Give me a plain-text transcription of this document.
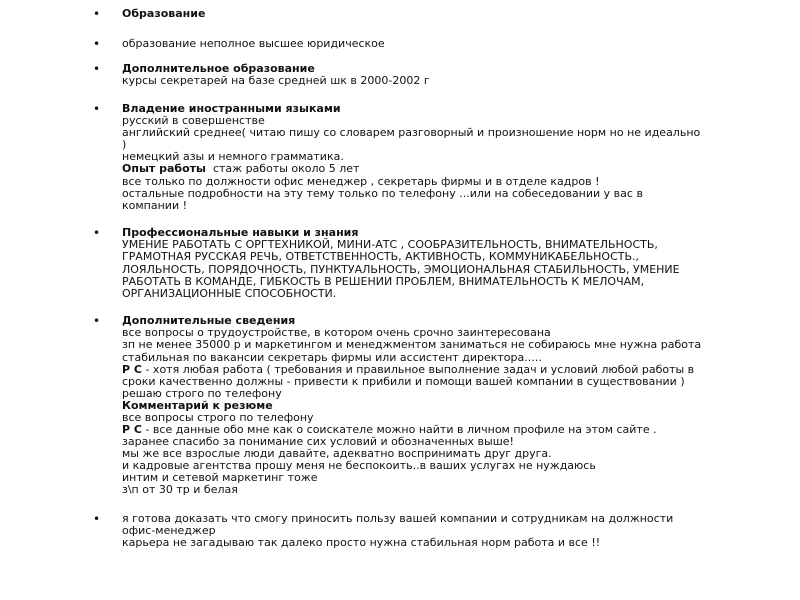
• Образование
• образование неполное высшее юридическое
• Дополнительное образование
курсы секретарей на базе средней шк в 2000-2002 г
• Владение иностранными языками
русский в совершенстве
английский среднее( читаю пишу со словарем разговорный и произношение норм но не идеально
)
немецкий азы и немного грамматика.
Опыт работы стаж работы около 5 лет
все только по должности офис менеджер , секретарь фирмы и в отделе кадров !
остальные подробности на эту тему только по телефону ...или на собеседовании у вас в
компании !
• Профессиональные навыки и знания
УМЕНИЕ РАБОТАТЬ С ОРГТЕХНИКОЙ, МИНИ-АТС , СООБРАЗИТЕЛЬНОСТЬ, ВНИМАТЕЛЬНОСТЬ,
ГРАМОТНАЯ РУССКАЯ РЕЧЬ, ОТВЕТСТВЕННОСТЬ, АКТИВНОСТЬ, КОММУНИКАБЕЛЬНОСТЬ.,
ЛОЯЛЬНОСТЬ, ПОРЯДОЧНОСТЬ, ПУНКТУАЛЬНОСТЬ, ЭМОЦИОНАЛЬНАЯ СТАБИЛЬНОСТЬ, УМЕНИЕ
РАБОТАТЬ В КОМАНДЕ, ГИБКОСТЬ В РЕШЕНИИ ПРОБЛЕМ, ВНИМАТЕЛЬНОСТЬ К МЕЛОЧАМ,
ОРГАНИЗАЦИОННЫЕ СПОСОБНОСТИ.
• Дополнительные сведения
все вопросы о трудоустройстве, в котором очень срочно заинтересована
зп не менее 35000 р и маркетингом и менеджментом заниматься не собираюсь мне нужна работа
стабильная по вакансии секретарь фирмы или ассистент директора.....
Р С - хотя любая работа ( требования и правильное выполнение задач и условий любой работы в
сроки качественно должны - привести к прибили и помощи вашей компании в существовании )
решаю строго по телефону
Комментарий к резюме
все вопросы строго по телефону
Р С - все данные обо мне как о соискателе можно найти в личном профиле на этом сайте .
заранее спасибо за понимание сих условий и обозначенных выше!
мы же все взрослые люди давайте, адекватно воспринимать друг друга.
и кадровые агентства прошу меня не беспокоить..в ваших услугах не нуждаюсь
интим и сетевой маркетинг тоже
з\п от 30 тр и белая
• я готова доказать что смогу приносить пользу вашей компании и сотрудникам на должности
офис-менеджер
карьера не загадываю так далеко просто нужна стабильная норм работа и все !!
